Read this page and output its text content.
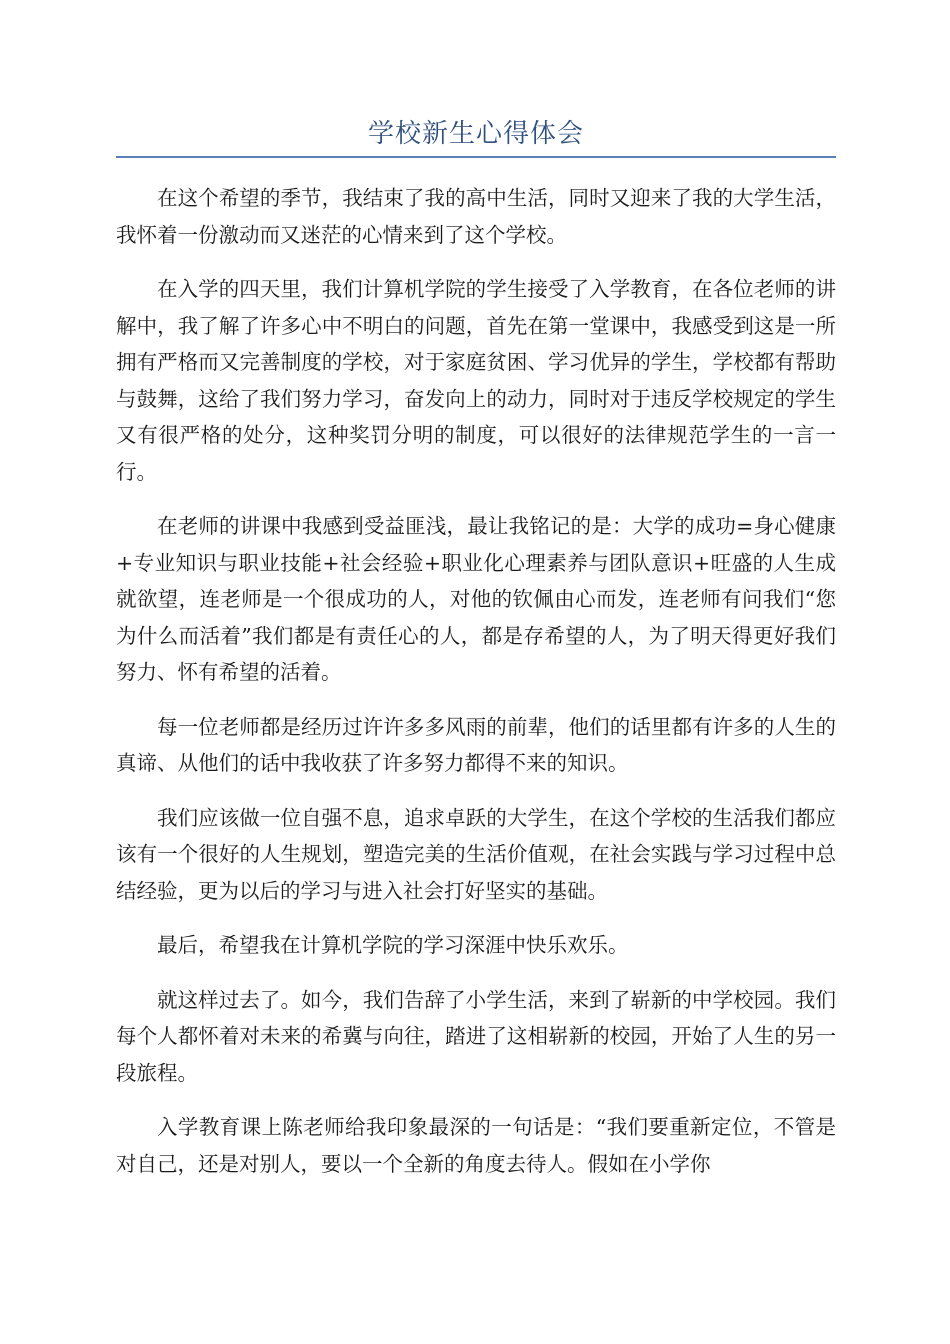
学校新生心得体会

在这个希望的季节，我结束了我的高中生活，同时又迎来了我的大学生活，我怀着一份激动而又迷茫的心情来到了这个学校。

在入学的四天里，我们计算机学院的学生接受了入学教育，在各位老师的讲解中，我了解了许多心中不明白的问题，首先在第一堂课中，我感受到这是一所拥有严格而又完善制度的学校，对于家庭贫困、学习优异的学生，学校都有帮助与鼓舞，这给了我们努力学习，奋发向上的动力，同时对于违反学校规定的学生又有很严格的处分，这种奖罚分明的制度，可以很好的法律规范学生的一言一行。

在老师的讲课中我感到受益匪浅，最让我铭记的是：大学的成功=身心健康+专业知识与职业技能+社会经验+职业化心理素养与团队意识+旺盛的人生成就欲望，连老师是一个很成功的人，对他的钦佩由心而发，连老师有问我们“您为什么而活着”我们都是有责任心的人，都是存希望的人，为了明天得更好我们努力、怀有希望的活着。

每一位老师都是经历过许许多多风雨的前辈，他们的话里都有许多的人生的真谛、从他们的话中我收获了许多努力都得不来的知识。

我们应该做一位自强不息，追求卓跃的大学生，在这个学校的生活我们都应该有一个很好的人生规划，塑造完美的生活价值观，在社会实践与学习过程中总结经验，更为以后的学习与进入社会打好坚实的基础。

最后，希望我在计算机学院的学习深涯中快乐欢乐。

就这样过去了。如今，我们告辞了小学生活，来到了崭新的中学校园。我们每个人都怀着对未来的希冀与向往，踏进了这相崭新的校园，开始了人生的另一段旅程。

入学教育课上陈老师给我印象最深的一句话是：“我们要重新定位，不管是对自己，还是对别人，要以一个全新的角度去待人。假如在小学你
